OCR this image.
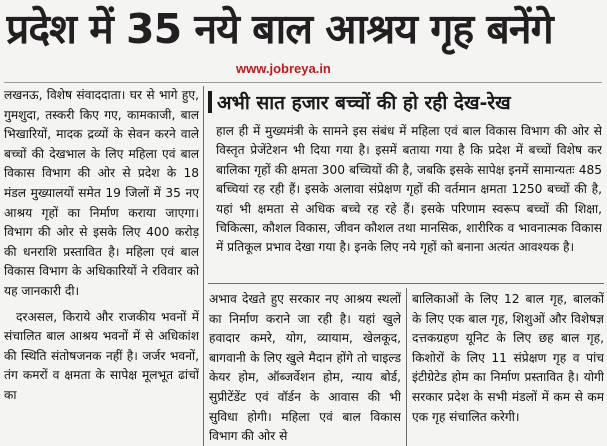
प्रदेश में 35 नये बाल आश्रय गृह बनेंगे
www.jobreya.in

लखनऊ, विशेष संवाददाता। घर से भागे हुए, गुमशुदा, तस्करी किए गए, कामकाजी, बाल भिखारियों, मादक द्रव्यों के सेवन करने वाले बच्चों की देखभाल के लिए महिला एवं बाल विकास विभाग की ओर से प्रदेश के 18 मंडल मुख्यालयों समेत 19 जिलों में 35 नए आश्रय गृहों का निर्माण कराया जाएगा। विभाग की ओर से इसके लिए 400 करोड़ की धनराशि प्रस्तावित है। महिला एवं बाल विकास विभाग के अधिकारियों ने रविवार को यह जानकारी दी।

दरअसल, किराये और राजकीय भवनों में संचालित बाल आश्रय भवनों में से अधिकांश की स्थिति संतोषजनक नहीं है। जर्जर भवनों, तंग कमरों व क्षमता के सापेक्ष मूलभूत ढांचों का

अभी सात हजार बच्चों की हो रही देख-रेख

हाल ही में मुख्यमंत्री के सामने इस संबंध में महिला एवं बाल विकास विभाग की ओर से विस्तृत प्रेजेंटेशन भी दिया गया है। इसमें बताया गया है कि प्रदेश में बच्चों विशेष कर बालिका गृहों की क्षमता 300 बच्चियों की है, जबकि इसके सापेक्ष इनमें सामान्यतः 485 बच्चियां रह रही हैं। इसके अलावा संप्रेक्षण गृहों की वर्तमान क्षमता 1250 बच्चों की है, यहां भी क्षमता से अधिक बच्चे रह रहे हैं। इसके परिणाम स्वरूप बच्चों की शिक्षा, चिकित्सा, कौशल विकास, जीवन कौशल तथा मानसिक, शारीरिक व भावनात्मक विकास में प्रतिकूल प्रभाव देखा गया है। इनके लिए नये गृहों को बनाना अत्यंत आवश्यक है।

अभाव देखते हुए सरकार नए आश्रय स्थलों का निर्माण कराने जा रही है। यहां खुले हवादार कमरे, योग, व्यायाम, खेलकूद, बागवानी के लिए खुले मैदान होंगे तो चाइल्ड केयर होम, ऑब्जर्वेशन होम, न्याय बोर्ड, सुप्रीटेंडेंट एवं वॉर्डन के आवास की भी सुविधा होगी। महिला एवं बाल विकास विभाग की ओर से

बालिकाओं के लिए 12 बाल गृह, बालकों के लिए एक बाल गृह, शिशुओं और विशेषज्ञ दत्तकग्रहण यूनिट के लिए छह बाल गृह, किशोरों के लिए 11 संप्रेक्षण गृह व पांच इंटीग्रेटेड होम का निर्माण प्रस्तावित है। योगी सरकार प्रदेश के सभी मंडलों में कम से कम एक गृह संचालित करेगी।
